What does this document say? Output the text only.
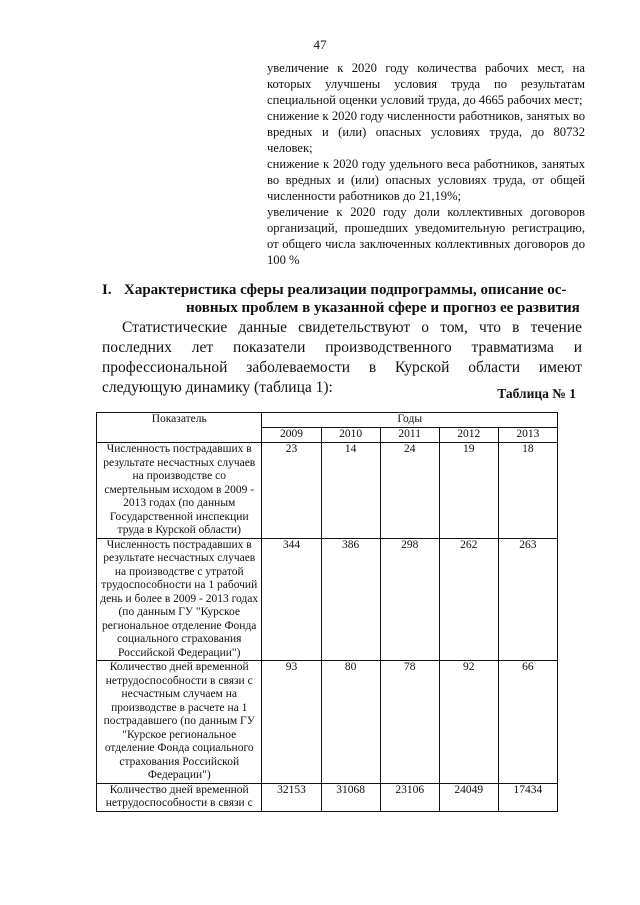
47

увеличение к 2020 году количества рабочих мест, на которых улучшены условия труда по результатам специальной оценки условий труда, до 4665 рабочих мест;

снижение к 2020 году численности работников, занятых во вредных и (или) опасных условиях труда, до 80732 человек;

снижение к 2020 году удельного веса работников, занятых во вредных и (или) опасных условиях труда, от общей численности работников до 21,19%;

увеличение к 2020 году доли коллективных договоров организаций, прошедших уведомительную регистрацию, от общего числа заключенных коллективных договоров до 100 %

I. Характеристика сферы реализации подпрограммы, описание ос-
новных проблем в указанной сфере и прогноз ее развития

Статистические данные свидетельствуют о том, что в течение последних лет показатели производственного травматизма и профессиональной заболеваемости в Курской области имеют следующую динамику (таблица 1):	Таблица № 1
Показатель	Годы				
	2009	2010	2011	2012	2013
Численность пострадавших в результате несчастных случаев на производстве со смертельным исходом в 2009 - 2013 годах (по данным Государственной инспекции труда в Курской области)	23	14	24	19	18
Численность пострадавших в результате несчастных случаев на производстве с утратой трудоспособности на 1 рабочий день и более в 2009 - 2013 годах (по данным ГУ "Курское региональное отделение Фонда социального страхования Российской Федерации")	344	386	298	262	263
Количество дней временной нетрудоспособности в связи с несчастным случаем на производстве в расчете на 1 пострадавшего (по данным ГУ "Курское региональное отделение Фонда социального страхования Российской Федерации")	93	80	78	92	66
Количество дней временной нетрудоспособности в связи с	32153	31068	23106	24049	17434
